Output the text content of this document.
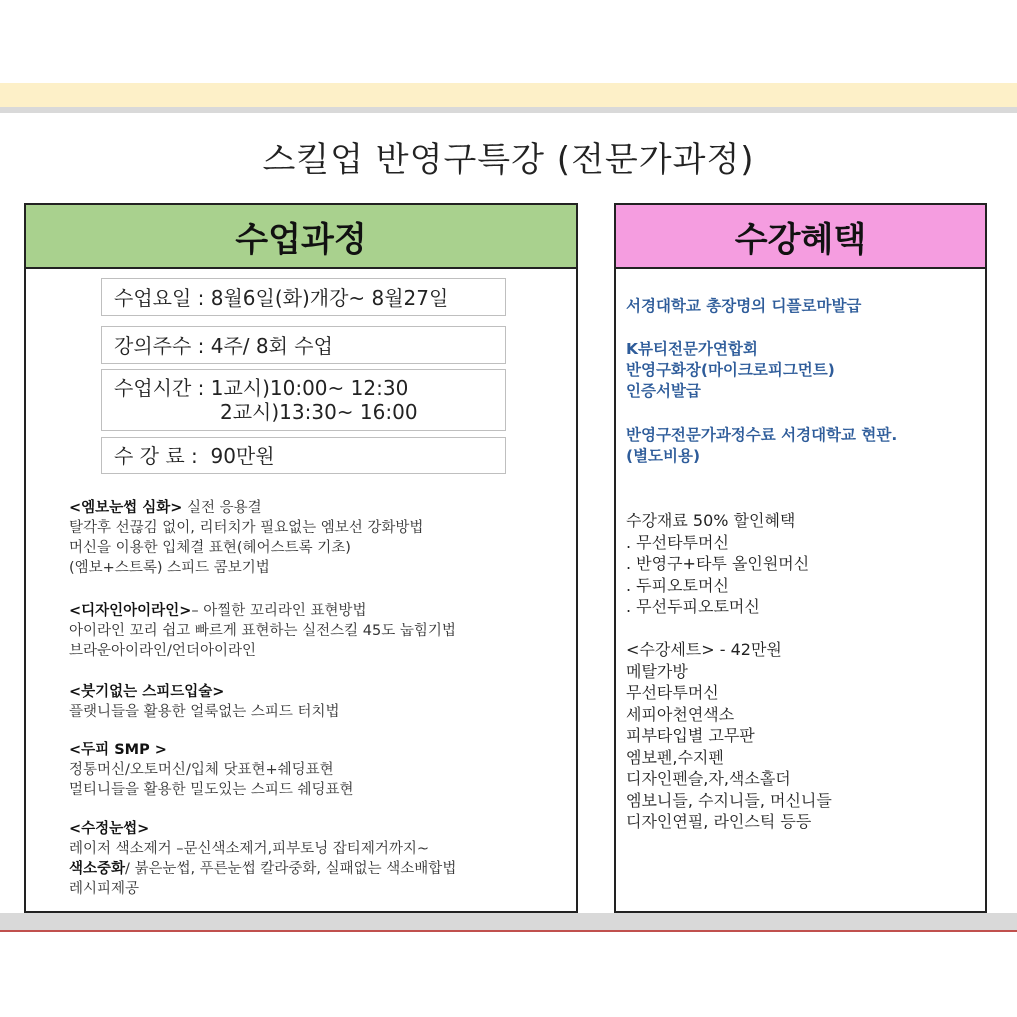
스킬업 반영구특강 (전문가과정)
수업과정
수업요일 : 8월6일(화)개강~ 8월27일
강의주수 : 4주/ 8회 수업
수업시간 : 1교시)10:00~ 12:30
2교시)13:30~ 16:00
수 강 료 :  90만원
<엠보눈썹 심화> 실전 응용결
탈각후 선끊김 없이, 리터치가 필요없는 엠보선 강화방법
머신을 이용한 입체결 표현(헤어스트록 기초)
(엠보+스트록) 스피드 콤보기법
<디자인아이라인>– 아찔한 꼬리라인 표현방법
아이라인 꼬리 쉽고 빠르게 표현하는 실전스킬 45도 눕힘기법
브라운아이라인/언더아이라인
<붓기없는 스피드입술>
플랫니들을 활용한 얼룩없는 스피드 터치법
<두피 SMP >
정통머신/오토머신/입체 닷표현+쉐딩표현
멀티니들을 활용한 밀도있는 스피드 쉐딩표현
<수정눈썹>
레이저 색소제거 –문신색소제거,피부토닝 잡티제거까지~
색소중화/ 붉은눈썹, 푸른눈썹 칼라중화, 실패없는 색소배합법
레시피제공
수강혜택
서경대학교 총장명의 디플로마발급
K뷰티전문가연합회
반영구화장(마이크로피그먼트)
인증서발급
반영구전문가과정수료 서경대학교 현판.
(별도비용)
수강재료 50% 할인혜택
. 무선타투머신
. 반영구+타투 올인원머신
. 두피오토머신
. 무선두피오토머신
<수강세트> - 42만원
메탈가방
무선타투머신
세피아천연색소
피부타입별 고무판
엠보펜,수지펜
디자인펜슬,자,색소홀더
엠보니들, 수지니들, 머신니들
디자인연필, 라인스틱 등등
